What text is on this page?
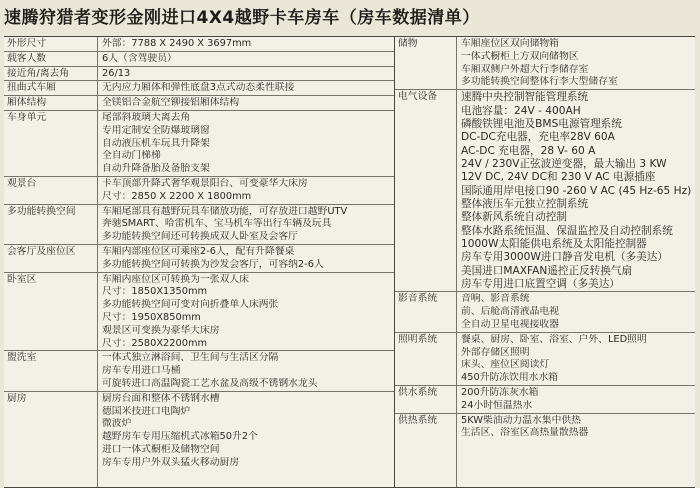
速腾狩猎者变形金刚进口4X4越野卡车房车（房车数据清单）
外形尺寸	外部：7788 X 2490 X 3697mm
载客人数	6人（含驾驶员）
接近角/离去角	26/13
扭曲式车厢	无内应力厢体和弹性底盘3点式动态柔性联接
厢体结构	全镁铝合金航空铆接铝厢体结构
车身单元	尾部斜玻璃大离去角
专用定制安全防爆玻璃窗
自动液压机车玩具升降架
全自动门梯梯
自动升降备胎及备胎支架
观景台	卡车顶部升降式奢华观景阳台、可变豪华大床房
尺寸：2850 X 2200 X 1800mm
多功能转换空间	车厢尾部具有越野玩具车储放功能，可存放进口越野UTV
奔驰SMART、哈雷机车、宝马机车等出行车辆及玩具
多功能转换空间还可转换成双人卧室及会客厅
会客厅及座位区	车厢内部座位区可乘座2-6人，配有升降餐桌
多功能转换空间可转换为沙发会客厅，可容纳2-6人
卧室区	车厢内座位区可转换为一张双人床
尺寸：1850X1350mm
多功能转换空间可变对向折叠单人床两张
尺寸：1950X850mm
观景区可变换为豪华大床房
尺寸：2580X2200mm
盥洗室	一体式独立淋浴间、卫生间与生活区分隔
房车专用进口马桶
可旋转进口高温陶瓷工艺水盆及高级不锈钢水龙头
厨房	厨房台面和整体不锈钢水槽
德国米技进口电陶炉
微波炉
越野房车专用压缩机式冰箱50升2个
进口一体式橱柜及储物空间
房车专用户外双头猛火移动厨房
储物	车厢座位区双向储物箱
一体式橱柜上方双向储物区
车厢双侧户外超大行李储存室
多功能转换空间整体行李大型储存室
电气设备	速腾中央控制智能管理系统
电池容量：24V - 400AH
磷酸铁锂电池及BMS电源管理系统
DC-DC充电器，充电率28V 60A
AC-DC 充电器，28 V- 60 A
24V / 230V正弦波逆变器，最大输出 3 KW
12V DC, 24V DC和 230 V AC 电源插座
国际通用岸电接口90 -260 V AC (45 Hz-65 Hz)
整体液压车元独立控制系统
整体新风系统自动控制
整体水路系统恒温、保温监控及自动控制系统
1000W太阳能供电系统及太阳能控制器
房车专用3000W进口静音发电机（多美达）
美国进口MAXFAN遥控正反转换气扇
房车专用进口底置空调（多美达）
影音系统	音响、影音系统
前、后舱高清液晶电视
全自动卫星电视接收器
照明系统	餐桌、厨房、卧室、浴室、户外、LED照明
外部存储区照明
床头、座位区阅读灯
450升防冻饮用水水箱
供水系统	200升防冻灰水箱
24小时恒温热水
供热系统	5KW柴油动力温水集中供热
生活区、浴室区高热量散热器
